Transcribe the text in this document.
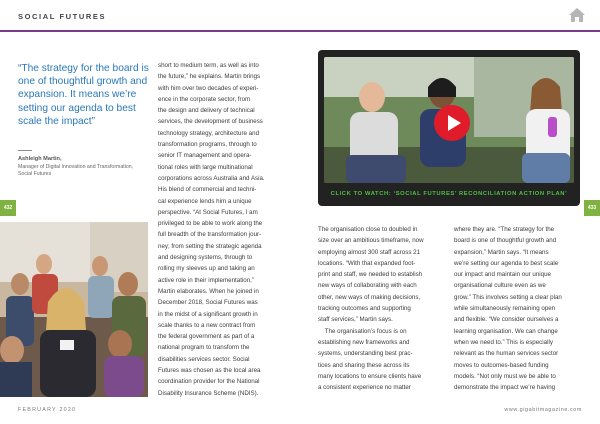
SOCIAL FUTURES
“The strategy for the board is one of thoughtful growth and expansion. It means we’re setting our agenda to best scale the impact”
Ashleigh Martin,
Manager of Digital Innovation and Transformation, Social Futures
432	433

short to medium term, as well as into

the future,” he explains. Martin brings

with him over two decades of experi-

ence in the corporate sector, from

the design and delivery of technical

services, the development of business

technology strategy, architecture and

transformation programs, through to

senior IT management and opera-

tional roles with large multinational

corporations across Australia and Asia.

His blend of commercial and techni-

cal experience lends him a unique

perspective. “At Social Futures, I am

privileged to be able to work along the

full breadth of the transformation jour-

ney; from setting the strategic agenda

and designing systems, through to

rolling my sleeves up and taking an

active role in their implementation,”

Martin elaborates. When he joined in

December 2018, Social Futures was

in the midst of a significant growth in

scale thanks to a new contract from

the federal government as part of a

national program to transform the

disabilities services sector. Social

Futures was chosen as the local area

coordination provider for the National

Disability Insurance Scheme (NDIS).

CLICK TO WATCH: ‘SOCIAL FUTURES’ RECONCILIATION ACTION PLAN’

The organisation close to doubled in

size over an ambitious timeframe, now

employing almost 300 staff across 21

locations. “With that expanded foot-

print and staff, we needed to establish

new ways of collaborating with each

other, new ways of making decisions,

tracking outcomes and supporting

staff services,” Martin says.

The organisation’s focus is on

establishing new frameworks and

systems, understanding best prac-

tices and sharing these across its

many locations to ensure clients have

a consistent experience no matter

where they are. “The strategy for the

board is one of thoughtful growth and

expansion,” Martin says. “It means

we’re setting our agenda to best scale

our impact and maintain our unique

organisational culture even as we

grow.” This involves setting a clear plan

while simultaneously remaining open

and flexible. “We consider ourselves a

learning organisation. We can change

when we need to.” This is especially

relevant as the human services sector

moves to outcomes-based funding

models. “Not only must we be able to

demonstrate the impact we’re having

FEBRUARY 2020	www.gigabitmagazine.com
